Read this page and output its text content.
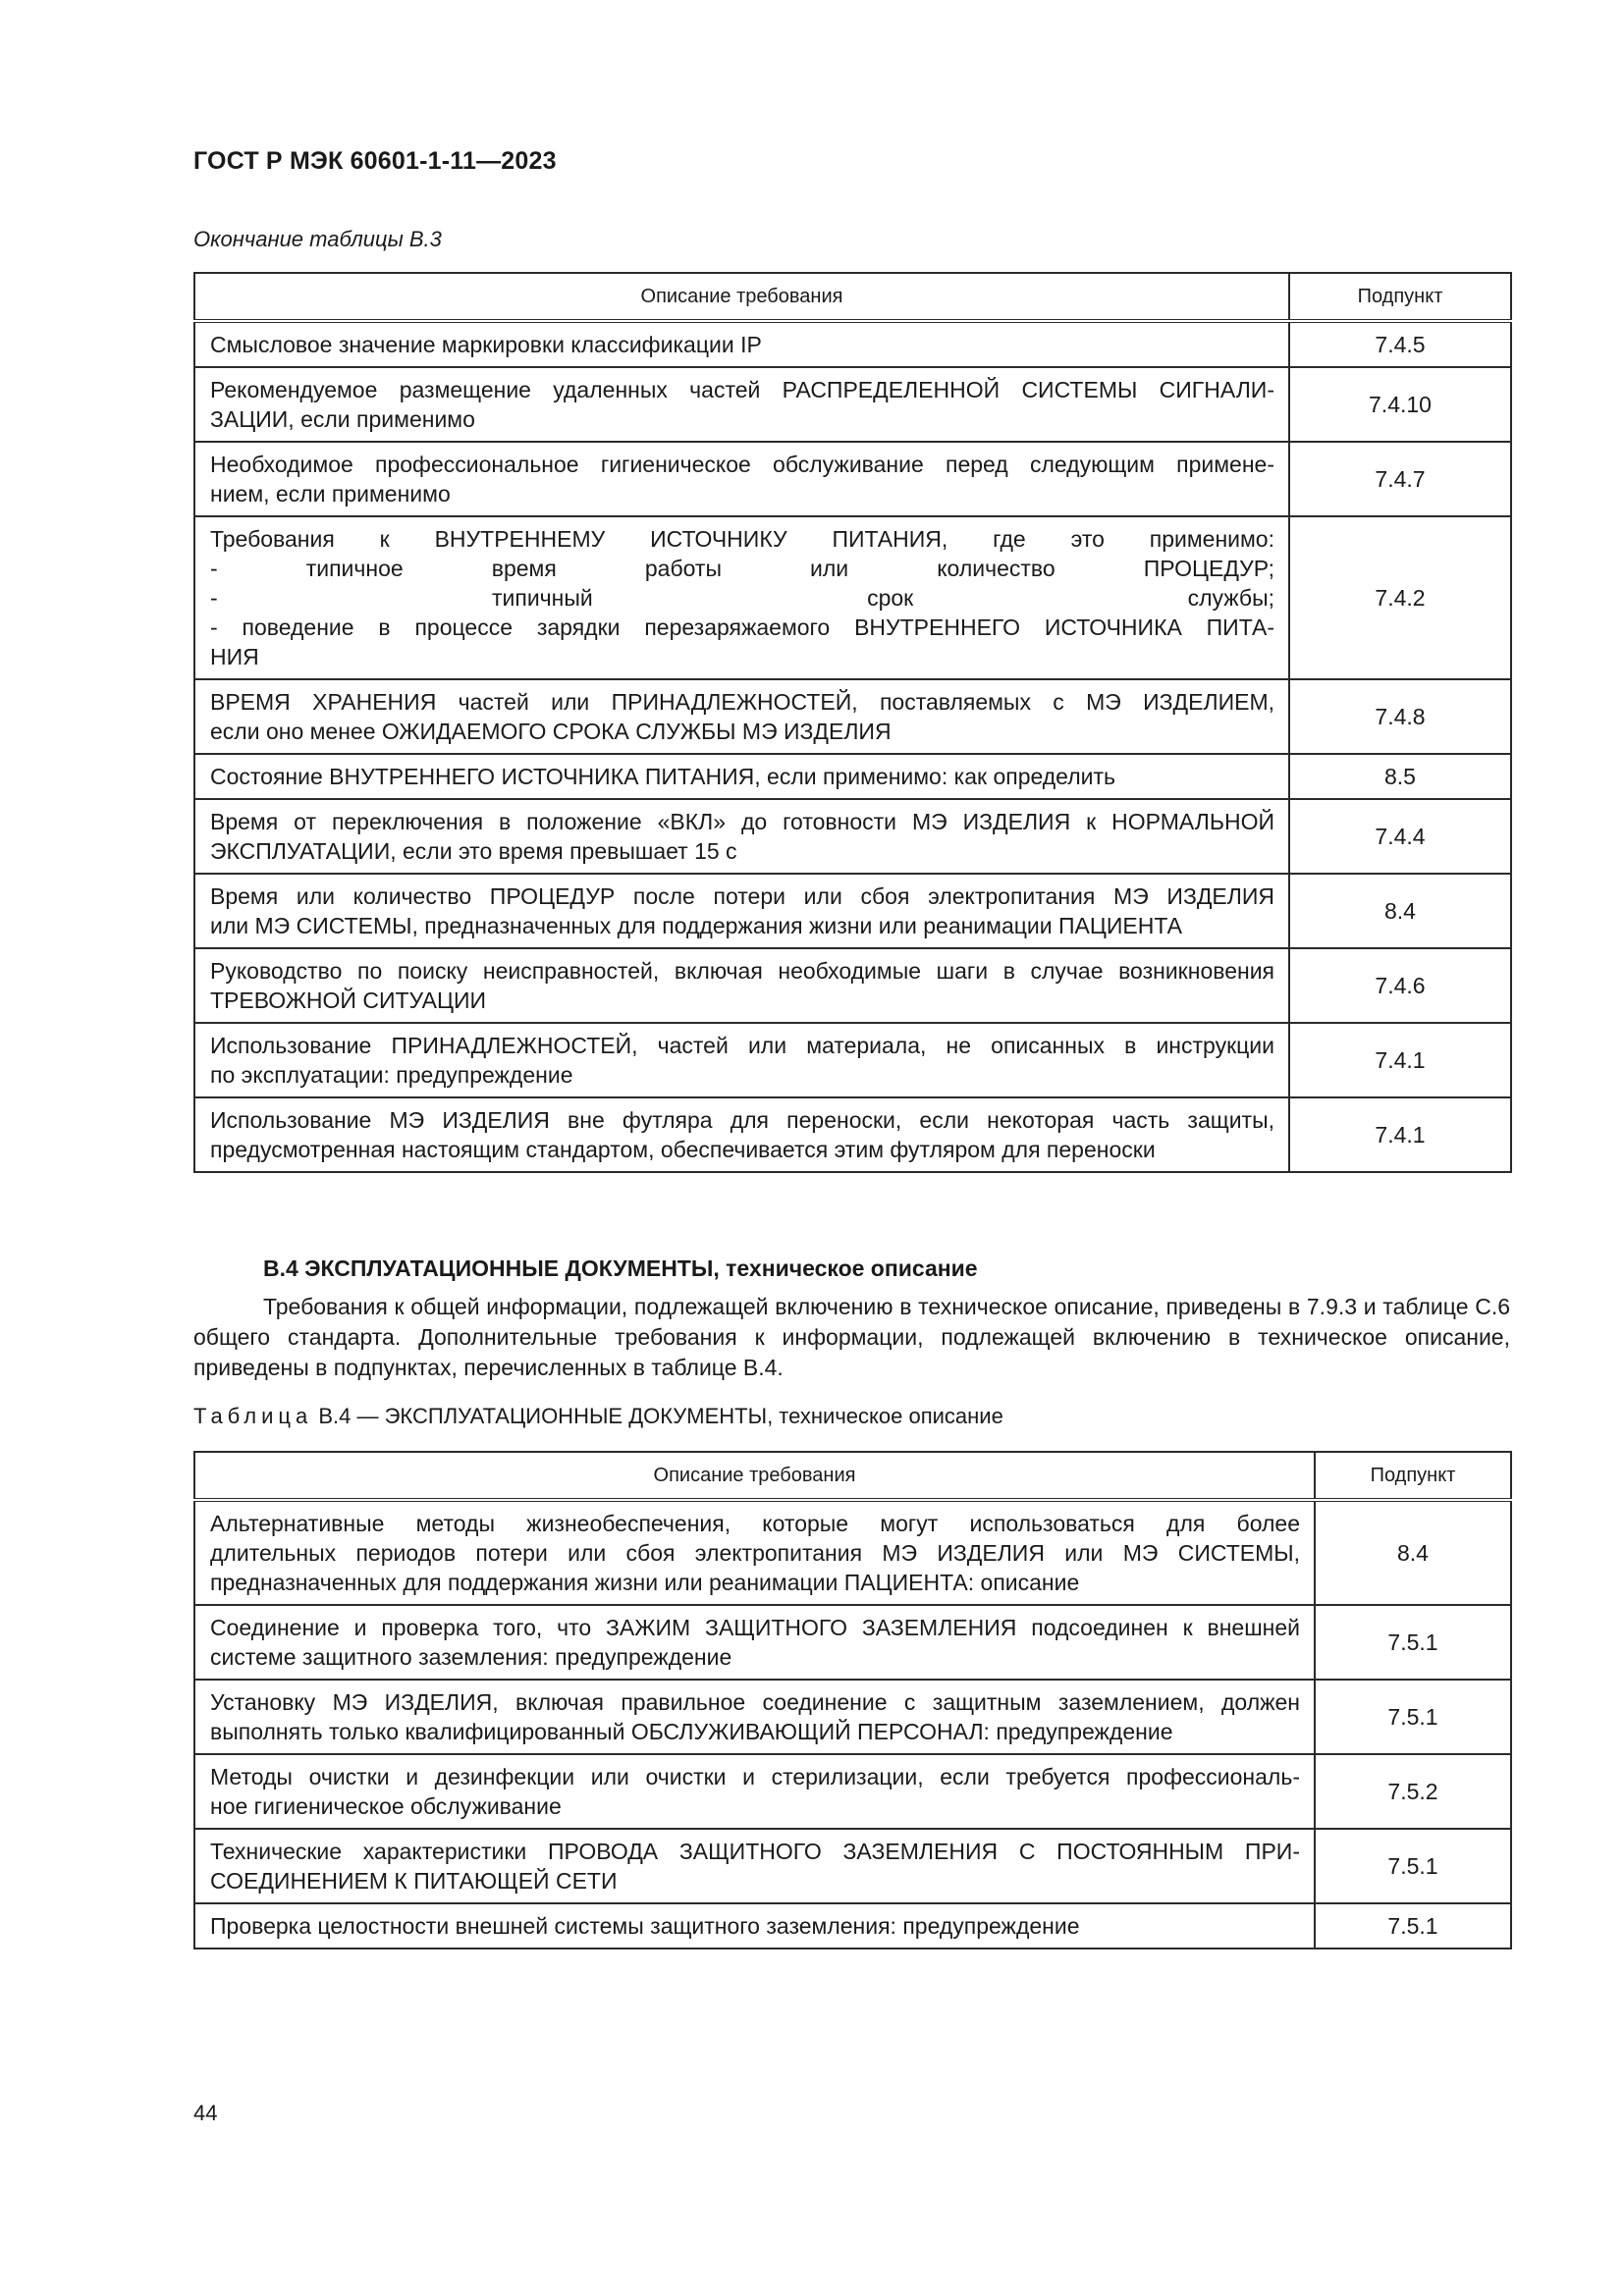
ГОСТ Р МЭК 60601-1-11—2023
Окончание таблицы В.3
Описание требования	Подпункт

Смысловое значение маркировки классификации IP	7.4.5

Рекомендуемое размещение удаленных частей РАСПРЕДЕЛЕННОЙ СИСТЕМЫ СИГНАЛИ-
ЗАЦИИ, если применимо	7.4.10

Необходимое профессиональное гигиеническое обслуживание перед следующим примене-
нием, если применимо	7.4.7

Требования к ВНУТРЕННЕМУ ИСТОЧНИКУ ПИТАНИЯ, где это применимо:
- типичное время работы или количество ПРОЦЕДУР;
- типичный срок службы;
- поведение в процессе зарядки перезаряжаемого ВНУТРЕННЕГО ИСТОЧНИКА ПИТА-
НИЯ	7.4.2

ВРЕМЯ ХРАНЕНИЯ частей или ПРИНАДЛЕЖНОСТЕЙ, поставляемых с МЭ ИЗДЕЛИЕМ,
если оно менее ОЖИДАЕМОГО СРОКА СЛУЖБЫ МЭ ИЗДЕЛИЯ	7.4.8

Состояние ВНУТРЕННЕГО ИСТОЧНИКА ПИТАНИЯ, если применимо: как определить	8.5

Время от переключения в положение «ВКЛ» до готовности МЭ ИЗДЕЛИЯ к НОРМАЛЬНОЙ
ЭКСПЛУАТАЦИИ, если это время превышает 15 с	7.4.4

Время или количество ПРОЦЕДУР после потери или сбоя электропитания МЭ ИЗДЕЛИЯ
или МЭ СИСТЕМЫ, предназначенных для поддержания жизни или реанимации ПАЦИЕНТА	8.4

Руководство по поиску неисправностей, включая необходимые шаги в случае возникновения
ТРЕВОЖНОЙ СИТУАЦИИ	7.4.6

Использование ПРИНАДЛЕЖНОСТЕЙ, частей или материала, не описанных в инструкции
по эксплуатации: предупреждение	7.4.1

Использование МЭ ИЗДЕЛИЯ вне футляра для переноски, если некоторая часть защиты,
предусмотренная настоящим стандартом, обеспечивается этим футляром для переноски	7.4.1
В.4 ЭКСПЛУАТАЦИОННЫЕ ДОКУМЕНТЫ, техническое описание

Требования к общей информации, подлежащей включению в техническое описание, приведены в 7.9.3 и таблице С.6 общего стандарта. Дополнительные требования к информации, подлежащей включению в техническое описание, приведены в подпунктах, перечисленных в таблице В.4.

Таблица В.4 — ЭКСПЛУАТАЦИОННЫЕ ДОКУМЕНТЫ, техническое описание
Описание требования	Подпункт

Альтернативные методы жизнеобеспечения, которые могут использоваться для более
длительных периодов потери или сбоя электропитания МЭ ИЗДЕЛИЯ или МЭ СИСТЕМЫ,
предназначенных для поддержания жизни или реанимации ПАЦИЕНТА: описание	8.4

Соединение и проверка того, что ЗАЖИМ ЗАЩИТНОГО ЗАЗЕМЛЕНИЯ подсоединен к внешней
системе защитного заземления: предупреждение	7.5.1

Установку МЭ ИЗДЕЛИЯ, включая правильное соединение с защитным заземлением, должен
выполнять только квалифицированный ОБСЛУЖИВАЮЩИЙ ПЕРСОНАЛ: предупреждение	7.5.1

Методы очистки и дезинфекции или очистки и стерилизации, если требуется профессиональ-
ное гигиеническое обслуживание	7.5.2

Технические характеристики ПРОВОДА ЗАЩИТНОГО ЗАЗЕМЛЕНИЯ С ПОСТОЯННЫМ ПРИ-
СОЕДИНЕНИЕМ К ПИТАЮЩЕЙ СЕТИ	7.5.1

Проверка целостности внешней системы защитного заземления: предупреждение	7.5.1
44
